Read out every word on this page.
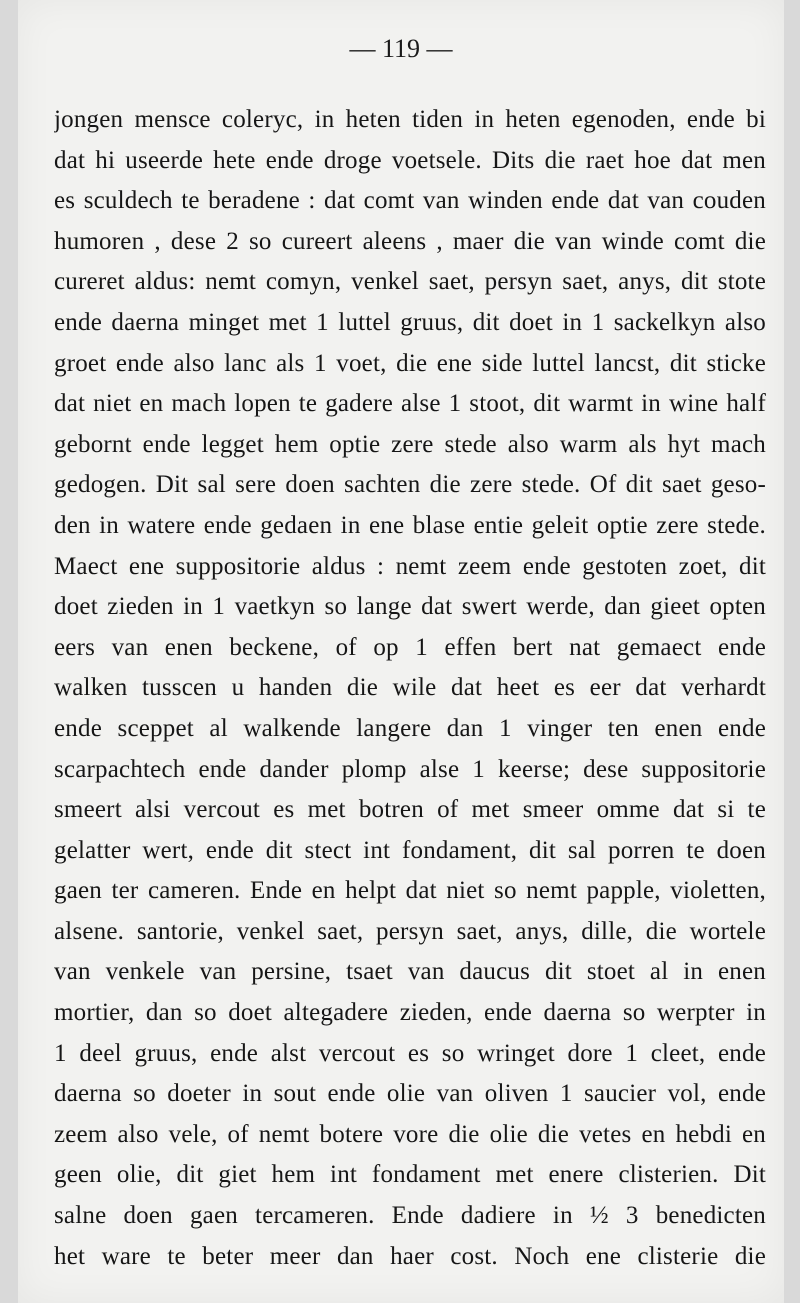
— 119 —
jongen mensce coleryc, in heten tiden in heten egenoden, ende bi
dat hi useerde hete ende droge voetsele. Dits die raet hoe dat men
es sculdech te beradene : dat comt van winden ende dat van couden
humoren , dese 2 so cureert aleens , maer die van winde comt die
cureret aldus: nemt comyn, venkel saet, persyn saet, anys, dit stote
ende daerna minget met 1 luttel gruus, dit doet in 1 sackelkyn also
groet ende also lanc als 1 voet, die ene side luttel lancst, dit sticke
dat niet en mach lopen te gadere alse 1 stoot, dit warmt in wine half
gebornt ende legget hem optie zere stede also warm als hyt mach
gedogen. Dit sal sere doen sachten die zere stede. Of dit saet geso-
den in watere ende gedaen in ene blase entie geleit optie zere stede.
Maect ene suppositorie aldus : nemt zeem ende gestoten zoet, dit
doet zieden in 1 vaetkyn so lange dat swert werde, dan gieet opten
eers van enen beckene, of op 1 effen bert nat gemaect ende
walken tusscen u handen die wile dat heet es eer dat verhardt
ende sceppet al walkende langere dan 1 vinger ten enen ende
scarpachtech ende dander plomp alse 1 keerse; dese suppositorie
smeert alsi vercout es met botren of met smeer omme dat si te
gelatter wert, ende dit stect int fondament, dit sal porren te doen
gaen ter cameren. Ende en helpt dat niet so nemt papple, violetten,
alsene. santorie, venkel saet, persyn saet, anys, dille, die wortele
van venkele van persine, tsaet van daucus dit stoet al in enen
mortier, dan so doet altegadere zieden, ende daerna so werpter in
1 deel gruus, ende alst vercout es so wringet dore 1 cleet, ende
daerna so doeter in sout ende olie van oliven 1 saucier vol, ende
zeem also vele, of nemt botere vore die olie die vetes en hebdi en
geen olie, dit giet hem int fondament met enere clisterien. Dit
salne doen gaen tercameren. Ende dadiere in ½ 3 benedicten
het ware te beter meer dan haer cost. Noch ene clisterie die
